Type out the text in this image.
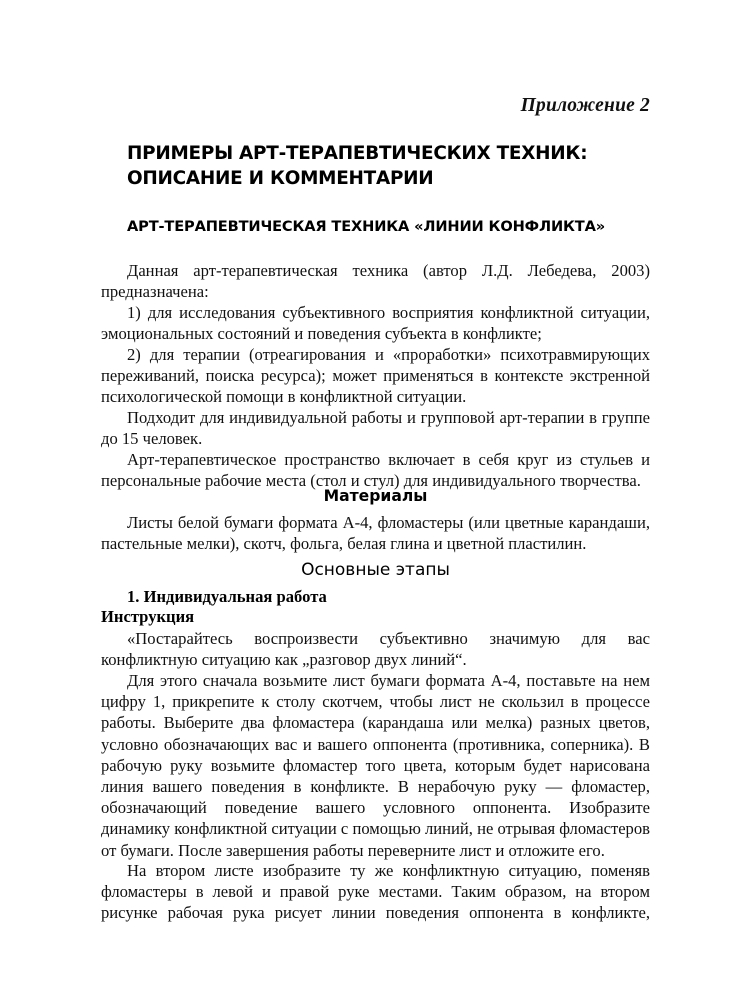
Приложение 2
ПРИМЕРЫ АРТ-ТЕРАПЕВТИЧЕСКИХ ТЕХНИК:
ОПИСАНИЕ И КОММЕНТАРИИ
АРТ-ТЕРАПЕВТИЧЕСКАЯ ТЕХНИКА «ЛИНИИ КОНФЛИКТА»

Данная арт-терапевтическая техника (автор Л.Д. Лебедева, 2003) предназначена:

1) для исследования субъективного восприятия конфликтной ситуации, эмоциональных состояний и поведения субъекта в конфликте;

2) для терапии (отреагирования и «проработки» психотравмирующих переживаний, поиска ресурса); может применяться в контексте экстренной психологической помощи в конфликтной ситуации.

Подходит для индивидуальной работы и групповой арт-терапии в группе до 15 человек.

Арт-терапевтическое пространство включает в себя круг из стульев и персональные рабочие места (стол и стул) для индивидуального творчества.

Материалы

Листы белой бумаги формата А-4, фломастеры (или цветные карандаши, пастельные мелки), скотч, фольга, белая глина и цветной пластилин.

Основные этапы
1. Индивидуальная работа
Инструкция

«Постарайтесь воспроизвести субъективно значимую для вас конфликтную ситуацию как „разговор двух линий“.

Для этого сначала возьмите лист бумаги формата А-4, поставьте на нем цифру 1, прикрепите к столу скотчем, чтобы лист не скользил в процессе работы. Выберите два фломастера (карандаша или мелка) разных цветов, условно обозначающих вас и вашего оппонента (противника, соперника). В рабочую руку возьмите фломастер того цвета, которым будет нарисована линия вашего поведения в конфликте. В нерабочую руку — фломастер, обозначающий поведение вашего условного оппонента. Изобразите динамику конфликтной ситуации с помощью линий, не отрывая фломастеров от бумаги. После завершения работы переверните лист и отложите его.

На втором листе изобразите ту же конфликтную ситуацию, поменяв фломастеры в левой и правой руке местами. Таким образом, на втором рисунке рабочая рука рисует линии поведения оппонента в конфликте,
